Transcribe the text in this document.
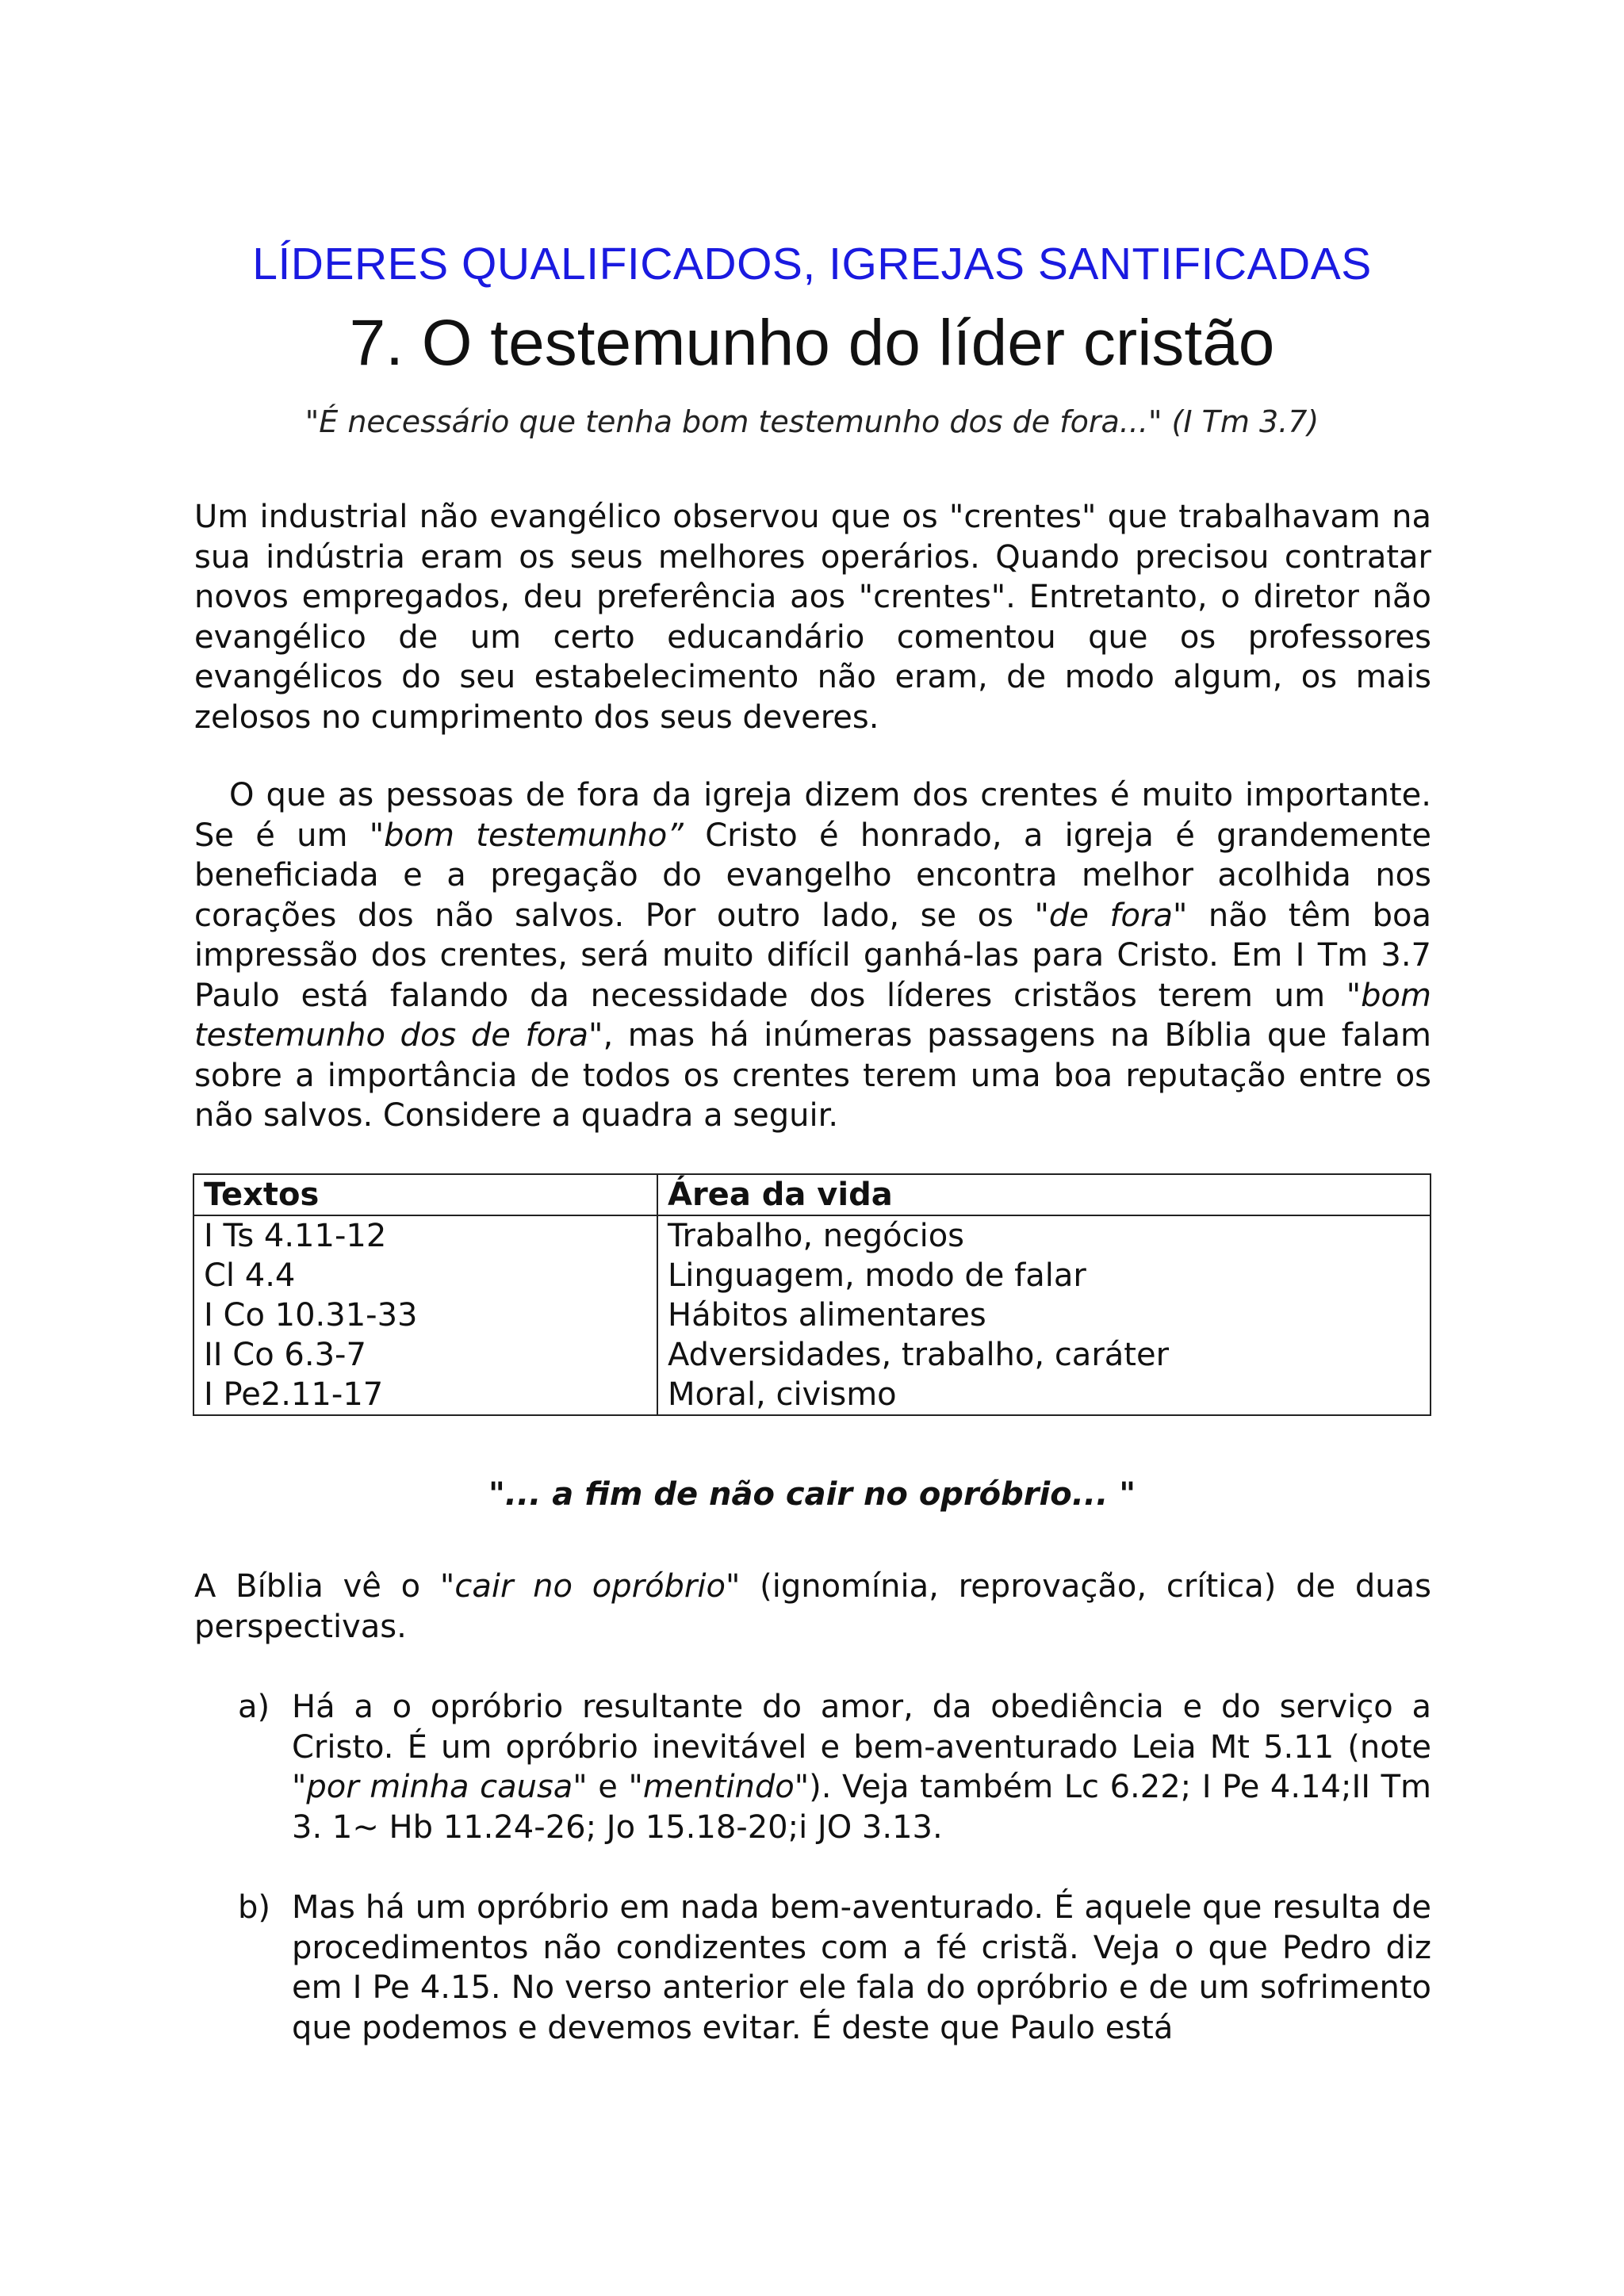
LÍDERES QUALIFICADOS, IGREJAS SANTIFICADAS
7. O testemunho do líder cristão
"É necessário que tenha bom testemunho dos de fora..." (I Tm 3.7)

Um industrial não evangélico observou que os "crentes" que trabalhavam na sua indústria eram os seus melhores operários. Quando precisou contratar novos empregados, deu preferência aos "crentes". Entretanto, o diretor não evangélico de um certo educandário comentou que os professores evangélicos do seu estabelecimento não eram, de modo algum, os mais zelosos no cumprimento dos seus deveres.

O que as pessoas de fora da igreja dizem dos crentes é muito importante. Se é um "bom testemunho” Cristo é honrado, a igreja é grandemente beneficiada e a pregação do evangelho encontra melhor acolhida nos corações dos não salvos. Por outro lado, se os "de fora" não têm boa impressão dos crentes, será muito difícil ganhá-las para Cristo. Em I Tm 3.7 Paulo está falando da necessidade dos líderes cristãos terem um "bom testemunho dos de fora", mas há inúmeras passagens na Bíblia que falam sobre a importância de todos os crentes terem uma boa reputação entre os não salvos. Considere a quadra a seguir.

Textos	Área da vida
I Ts 4.11-12	Trabalho, negócios
Cl 4.4	Linguagem, modo de falar
I Co 10.31-33	Hábitos alimentares
II Co 6.3-7	Adversidades, trabalho, caráter
I Pe2.11-17	Moral, civismo
"... a fim de não cair no opróbrio... "

A Bíblia vê o "cair no opróbrio" (ignomínia, reprovação, crítica) de duas perspectivas.

a) Há a o opróbrio resultante do amor, da obediência e do serviço a Cristo. É um opróbrio inevitável e bem-aventurado Leia Mt 5.11 (note "por minha causa" e "mentindo"). Veja também Lc 6.22; I Pe 4.14;II Tm 3. 1~ Hb 11.24-26; Jo 15.18-20;i JO 3.13.
b) Mas há um opróbrio em nada bem-aventurado. É aquele que resulta de procedimentos não condizentes com a fé cristã. Veja o que Pedro diz em I Pe 4.15. No verso anterior ele fala do opróbrio e de um sofrimento que podemos e devemos evitar. É deste que Paulo está
